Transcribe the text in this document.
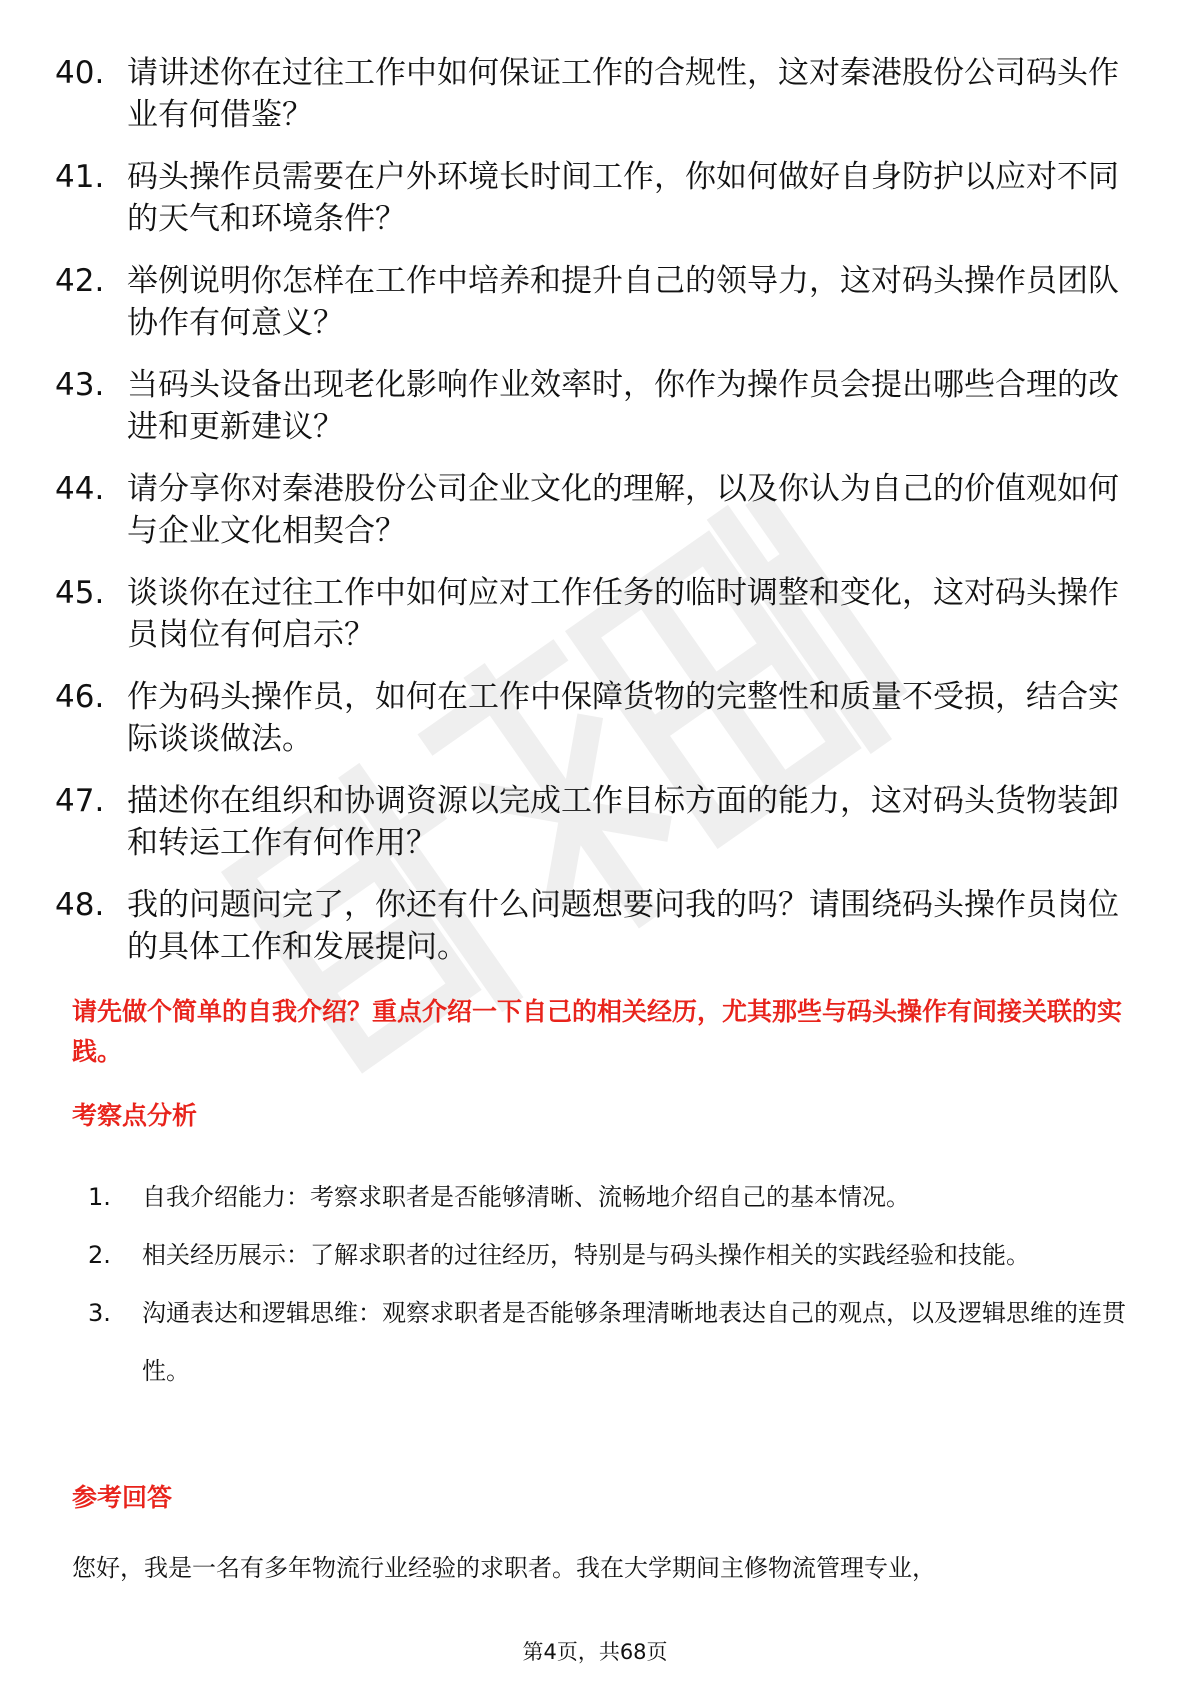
40. 请讲述你在过往工作中如何保证工作的合规性，这对秦港股份公司码头作业有何借鉴？
41. 码头操作员需要在户外环境长时间工作，你如何做好自身防护以应对不同的天气和环境条件？
42. 举例说明你怎样在工作中培养和提升自己的领导力，这对码头操作员团队协作有何意义？
43. 当码头设备出现老化影响作业效率时，你作为操作员会提出哪些合理的改进和更新建议？
44. 请分享你对秦港股份公司企业文化的理解，以及你认为自己的价值观如何与企业文化相契合？
45. 谈谈你在过往工作中如何应对工作任务的临时调整和变化，这对码头操作员岗位有何启示？
46. 作为码头操作员，如何在工作中保障货物的完整性和质量不受损，结合实际谈谈做法。
47. 描述你在组织和协调资源以完成工作目标方面的能力，这对码头货物装卸和转运工作有何作用？
48. 我的问题问完了，你还有什么问题想要问我的吗？请围绕码头操作员岗位的具体工作和发展提问。
请先做个简单的自我介绍？重点介绍一下自己的相关经历，尤其那些与码头操作有间接关联的实践。
考察点分析
1.	自我介绍能力：考察求职者是否能够清晰、流畅地介绍自己的基本情况。
2.	相关经历展示：了解求职者的过往经历，特别是与码头操作相关的实践经验和技能。
3.	沟通表达和逻辑思维：观察求职者是否能够条理清晰地表达自己的观点，以及逻辑思维的连贯性。
参考回答
您好，我是一名有多年物流行业经验的求职者。我在大学期间主修物流管理专业，
第4页，共68页
